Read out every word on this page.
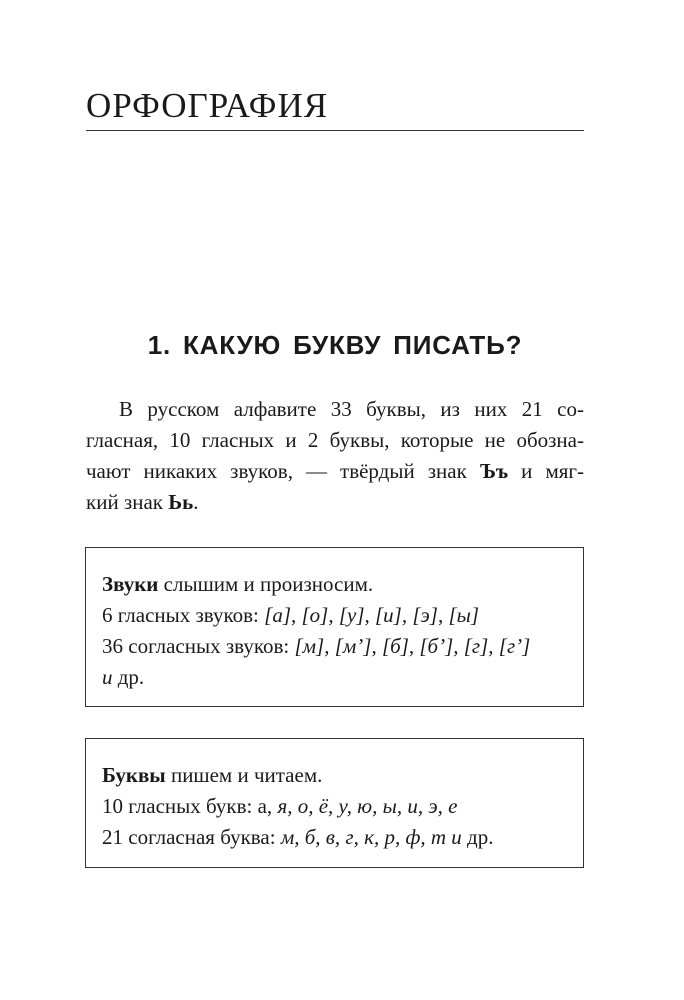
ОРФОГРАФИЯ
1. КАКУЮ БУКВУ ПИСАТЬ?
В русском алфавите 33 буквы, из них 21 со-
гласная, 10 гласных и 2 буквы, которые не обозна-
чают никаких звуков, — твёрдый знак Ъъ и мяг-
кий знак Ьь.
Звуки слышим и произносим.
6 гласных звуков: [а], [о], [у], [и], [э], [ы]
36 согласных звуков: [м], [м’], [б], [б’], [г], [г’]
и др.
Буквы пишем и читаем.
10 гласных букв: а, я, о, ё, у, ю, ы, и, э, е
21 согласная буква: м, б, в, г, к, р, ф, т и др.
